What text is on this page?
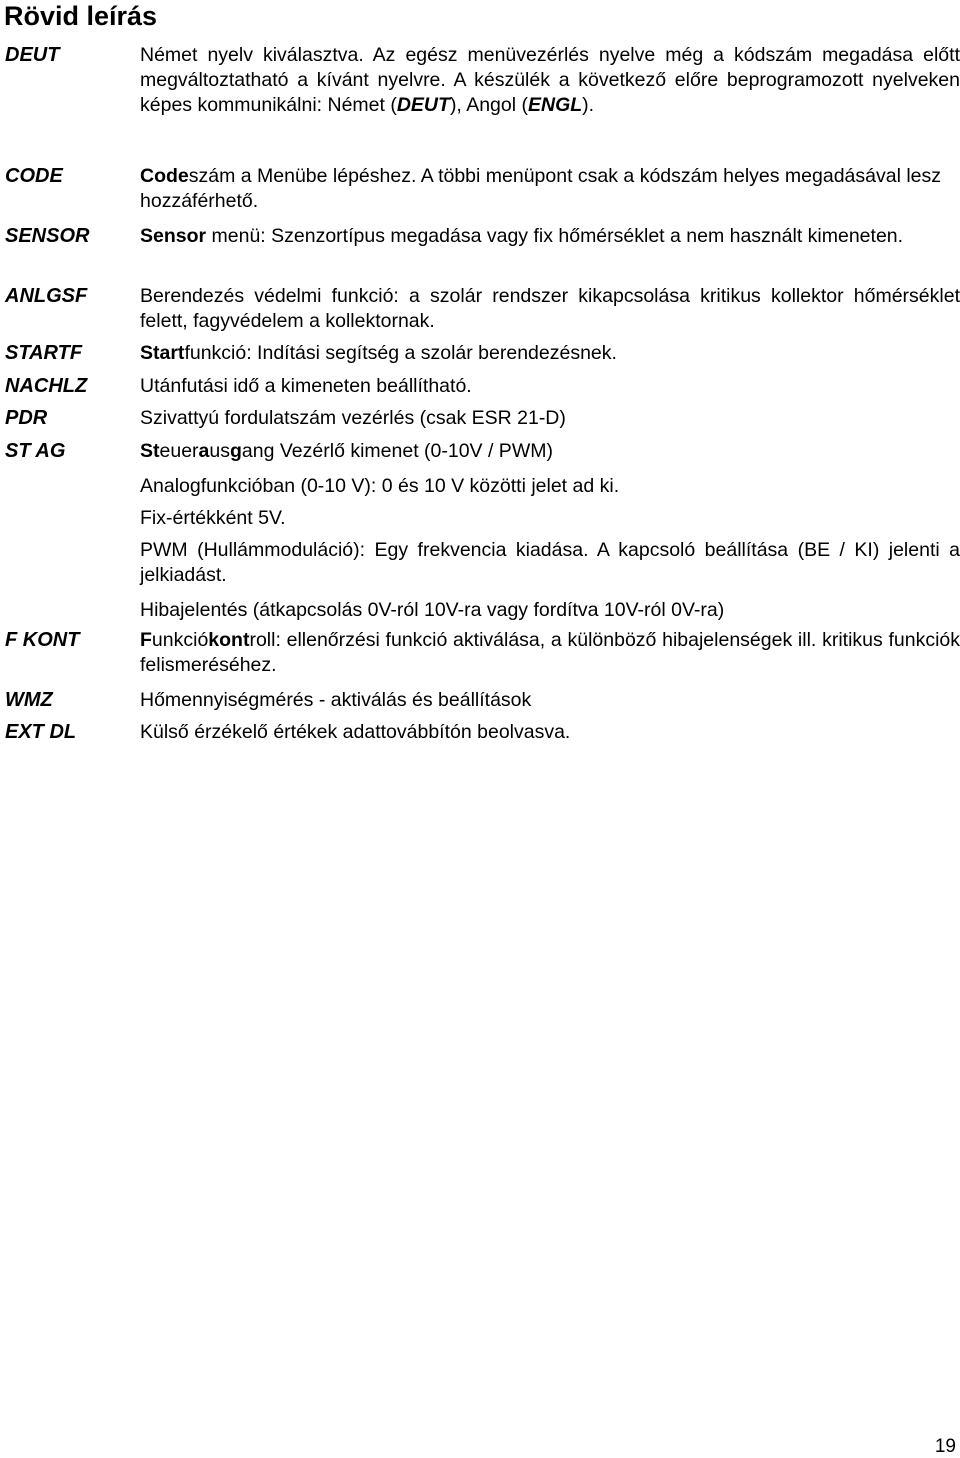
Rövid leírás
DEUT	Német nyelv kiválasztva. Az egész menüvezérlés nyelve még a kódszám megadása előtt megváltoztatható a kívánt nyelvre. A készülék a következő előre beprogramozott nyelveken képes kommunikálni: Német (DEUT), Angol (ENGL).
CODE	Codeszám a Menübe lépéshez. A többi menüpont csak a kódszám helyes megadásával lesz hozzáférhető.
SENSOR	Sensor menü: Szenzortípus megadása vagy fix hőmérséklet a nem használt kimeneten.
ANLGSF	Berendezés védelmi funkció: a szolár rendszer kikapcsolása kritikus kollektor hőmérséklet felett, fagyvédelem a kollektornak.
STARTF	Startfunkció: Indítási segítség a szolár berendezésnek.
NACHLZ	Utánfutási idő a kimeneten beállítható.
PDR	Szivattyú fordulatszám vezérlés (csak ESR 21-D)
ST AG	Steuerausgang Vezérlő kimenet (0-10V / PWM)
Analogfunkcióban (0-10 V): 0 és 10 V közötti jelet ad ki.
Fix-értékként 5V.
PWM (Hullámmoduláció): Egy frekvencia kiadása. A kapcsoló beállítása (BE / KI) jelenti a jelkiadást.
Hibajelentés (átkapcsolás 0V-ról 10V-ra vagy fordítva 10V-ról 0V-ra)
F KONT	Funkciókontroll: ellenőrzési funkció aktiválása, a különböző hibajelenségek ill. kritikus funkciók felismeréséhez.
WMZ	Hőmennyiségmérés - aktiválás és beállítások
EXT DL	Külső érzékelő értékek adattovábbítón beolvasva.
19
